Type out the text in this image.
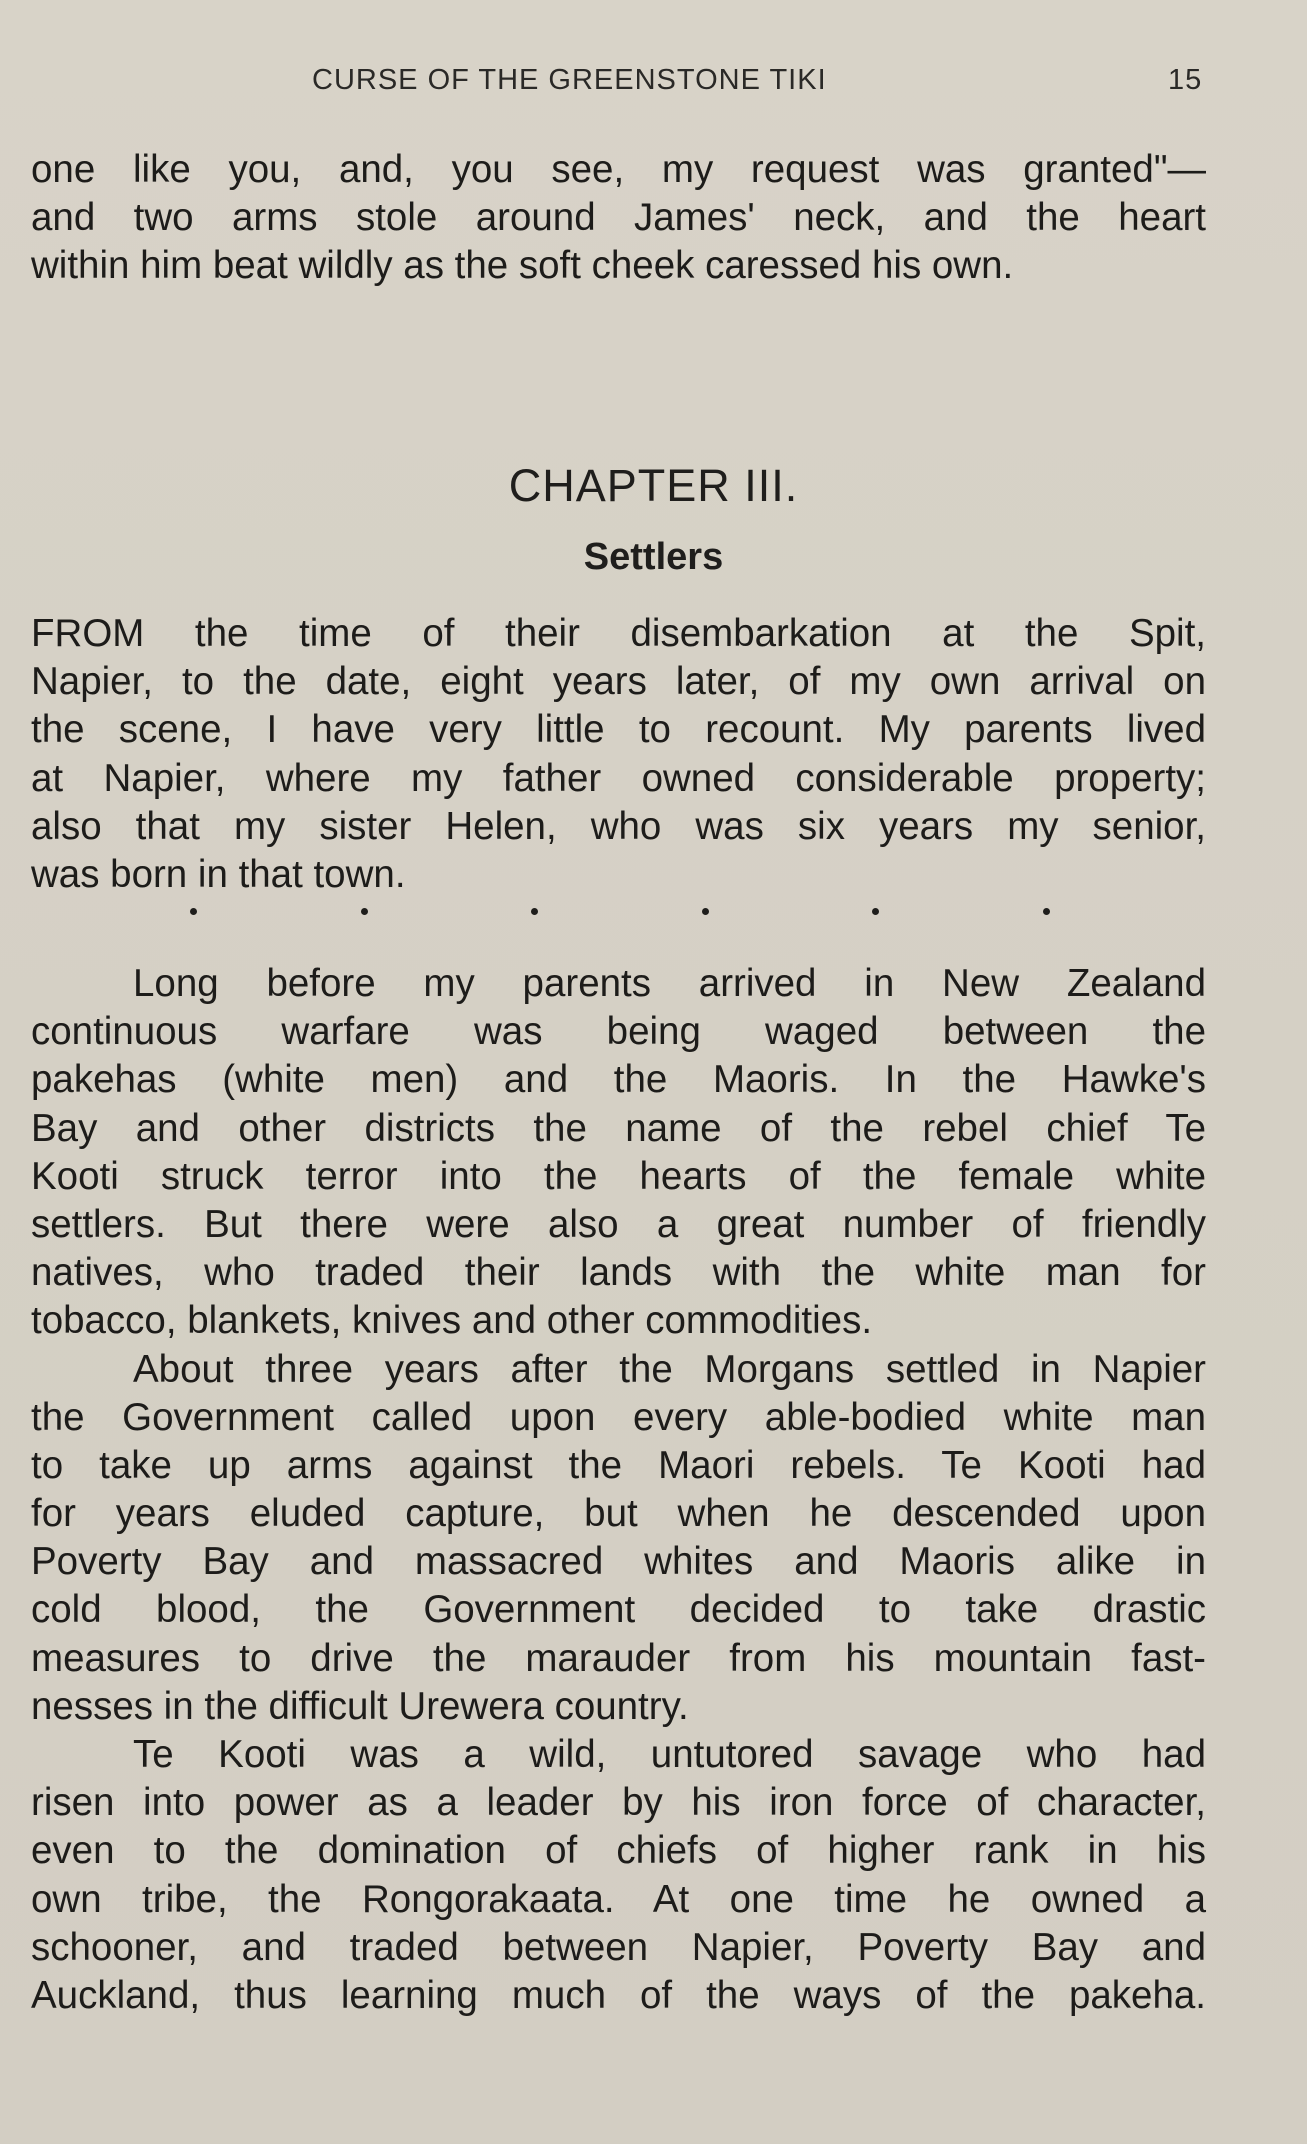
CURSE OF THE GREENSTONE TIKI	15
one like you, and, you see, my request was granted"—
and two arms stole around James' neck, and the heart
within him beat wildly as the soft cheek caressed his own.
CHAPTER III.
Settlers
FROM the time of their disembarkation at the Spit,
Napier, to the date, eight years later, of my own arrival on
the scene, I have very little to recount. My parents lived
at Napier, where my father owned considerable property;
also that my sister Helen, who was six years my senior,
was born in that town.
Long before my parents arrived in New Zealand
continuous warfare was being waged between the
pakehas (white men) and the Maoris. In the Hawke's
Bay and other districts the name of the rebel chief Te
Kooti struck terror into the hearts of the female white
settlers. But there were also a great number of friendly
natives, who traded their lands with the white man for
tobacco, blankets, knives and other commodities.
About three years after the Morgans settled in Napier
the Government called upon every able-bodied white man
to take up arms against the Maori rebels. Te Kooti had
for years eluded capture, but when he descended upon
Poverty Bay and massacred whites and Maoris alike in
cold blood, the Government decided to take drastic
measures to drive the marauder from his mountain fast-
nesses in the difficult Urewera country.
Te Kooti was a wild, untutored savage who had
risen into power as a leader by his iron force of character,
even to the domination of chiefs of higher rank in his
own tribe, the Rongorakaata. At one time he owned a
schooner, and traded between Napier, Poverty Bay and
Auckland, thus learning much of the ways of the pakeha.
